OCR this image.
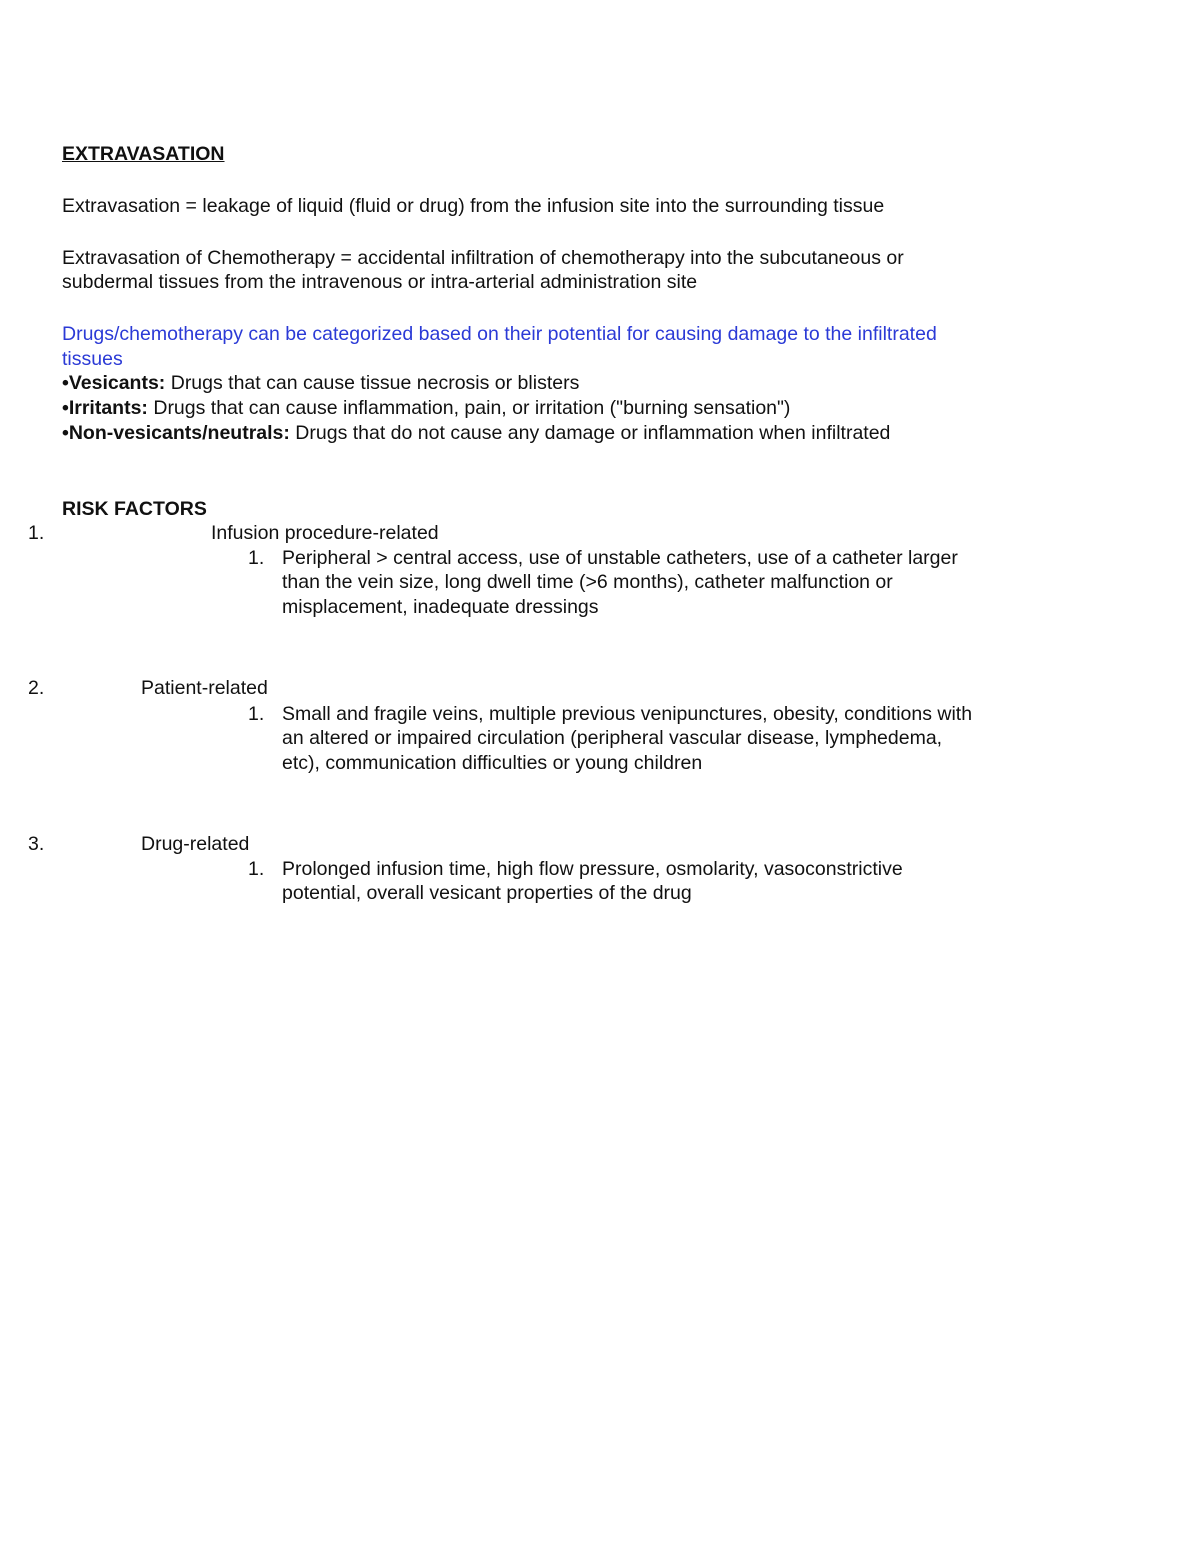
EXTRAVASATION
Extravasation = leakage of liquid (fluid or drug) from the infusion site into the surrounding tissue
Extravasation of Chemotherapy = accidental infiltration of chemotherapy into the subcutaneous or
subdermal tissues from the intravenous or intra-arterial administration site
Drugs/chemotherapy can be categorized based on their potential for causing damage to the infiltrated
tissues
•Vesicants: Drugs that can cause tissue necrosis or blisters
•Irritants: Drugs that can cause inflammation, pain, or irritation ("burning sensation")
•Non-vesicants/neutrals: Drugs that do not cause any damage or inflammation when infiltrated
RISK FACTORS
1.	Infusion procedure-related
1. Peripheral > central access, use of unstable catheters, use of a catheter larger
than the vein size, long dwell time (>6 months), catheter malfunction or
misplacement, inadequate dressings
2.	Patient-related
1. Small and fragile veins, multiple previous venipunctures, obesity, conditions with
an altered or impaired circulation (peripheral vascular disease, lymphedema,
etc), communication difficulties or young children
3.	Drug-related
1. Prolonged infusion time, high flow pressure, osmolarity, vasoconstrictive
potential, overall vesicant properties of the drug
